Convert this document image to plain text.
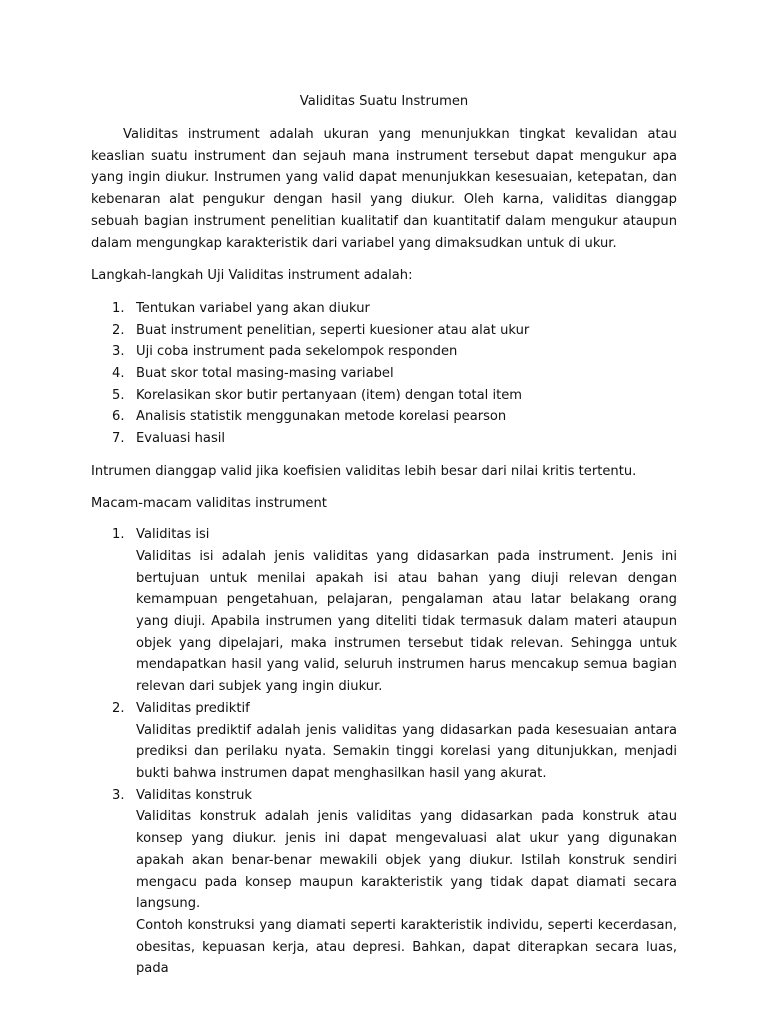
Validitas Suatu Instrumen

Validitas instrument adalah ukuran yang menunjukkan tingkat kevalidan atau keaslian suatu instrument dan sejauh mana instrument tersebut dapat mengukur apa yang ingin diukur. Instrumen yang valid dapat menunjukkan kesesuaian, ketepatan, dan kebenaran alat pengukur dengan hasil yang diukur. Oleh karna, validitas dianggap sebuah bagian instrument penelitian kualitatif dan kuantitatif dalam mengukur ataupun dalam mengungkap karakteristik dari variabel yang dimaksudkan untuk di ukur.

Langkah-langkah Uji Validitas instrument adalah:

1. Tentukan variabel yang akan diukur
2. Buat instrument penelitian, seperti kuesioner atau alat ukur
3. Uji coba instrument pada sekelompok responden
4. Buat skor total masing-masing variabel
5. Korelasikan skor butir pertanyaan (item) dengan total item
6. Analisis statistik menggunakan metode korelasi pearson
7. Evaluasi hasil

Intrumen dianggap valid jika koefisien validitas lebih besar dari nilai kritis tertentu.

Macam-macam validitas instrument

1. Validitas isi
Validitas isi adalah jenis validitas yang didasarkan pada instrument. Jenis ini bertujuan untuk menilai apakah isi atau bahan yang diuji relevan dengan kemampuan pengetahuan, pelajaran, pengalaman atau latar belakang orang yang diuji. Apabila instrumen yang diteliti tidak termasuk dalam materi ataupun objek yang dipelajari, maka instrumen tersebut tidak relevan. Sehingga untuk mendapatkan hasil yang valid, seluruh instrumen harus mencakup semua bagian relevan dari subjek yang ingin diukur.
2. Validitas prediktif
Validitas prediktif adalah jenis validitas yang didasarkan pada kesesuaian antara prediksi dan perilaku nyata. Semakin tinggi korelasi yang ditunjukkan, menjadi bukti bahwa instrumen dapat menghasilkan hasil yang akurat.
3. Validitas konstruk
Validitas konstruk adalah jenis validitas yang didasarkan pada konstruk atau konsep yang diukur. jenis ini dapat mengevaluasi alat ukur yang digunakan apakah akan benar-benar mewakili objek yang diukur. Istilah konstruk sendiri mengacu pada konsep maupun karakteristik yang tidak dapat diamati secara langsung.
Contoh konstruksi yang diamati seperti karakteristik individu, seperti kecerdasan, obesitas, kepuasan kerja, atau depresi. Bahkan, dapat diterapkan secara luas, pada
